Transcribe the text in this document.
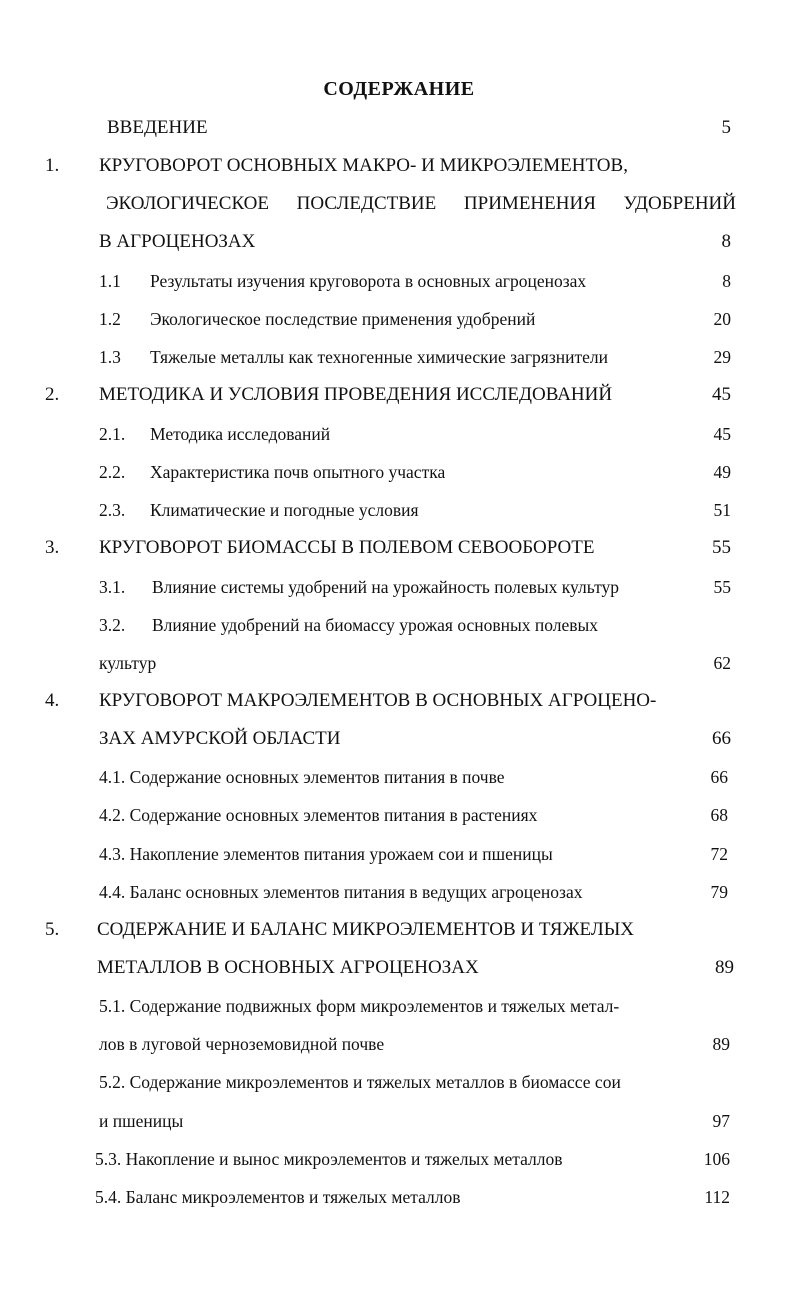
СОДЕРЖАНИЕ
ВВЕДЕНИЕ	5
1. КРУГОВОРОТ ОСНОВНЫХ МАКРО- И МИКРОЭЛЕМЕНТОВ,
ЭКОЛОГИЧЕСКОЕ ПОСЛЕДСТВИЕ ПРИМЕНЕНИЯ УДОБРЕНИЙ
В АГРОЦЕНОЗАХ	8
1.1 Результаты изучения круговорота в основных агроценозах	8
1.2 Экологическое последствие применения удобрений	20
1.3 Тяжелые металлы как техногенные химические загрязнители	29
2. МЕТОДИКА И УСЛОВИЯ ПРОВЕДЕНИЯ ИССЛЕДОВАНИЙ	45
2.1. Методика исследований	45
2.2. Характеристика почв опытного участка	49
2.3. Климатические и погодные условия	51
3. КРУГОВОРОТ БИОМАССЫ В ПОЛЕВОМ СЕВООБОРОТЕ	55
3.1. Влияние системы удобрений на урожайность полевых культур	55
3.2. Влияние удобрений на биомассу урожая основных полевых
культур	62
4. КРУГОВОРОТ МАКРОЭЛЕМЕНТОВ В ОСНОВНЫХ АГРОЦЕНО-
ЗАХ АМУРСКОЙ ОБЛАСТИ	66
4.1. Содержание основных элементов питания в почве	66
4.2. Содержание основных элементов питания в растениях	68
4.3. Накопление элементов питания урожаем сои и пшеницы	72
4.4. Баланс основных элементов питания в ведущих агроценозах	79
5. СОДЕРЖАНИЕ И БАЛАНС МИКРОЭЛЕМЕНТОВ И ТЯЖЕЛЫХ
МЕТАЛЛОВ В ОСНОВНЫХ АГРОЦЕНОЗАХ	89
5.1. Содержание подвижных форм микроэлементов и тяжелых метал-
лов в луговой черноземовидной почве	89
5.2. Содержание микроэлементов и тяжелых металлов в биомассе сои
и пшеницы	97
5.3. Накопление и вынос микроэлементов и тяжелых металлов	106
5.4. Баланс микроэлементов и тяжелых металлов	112
